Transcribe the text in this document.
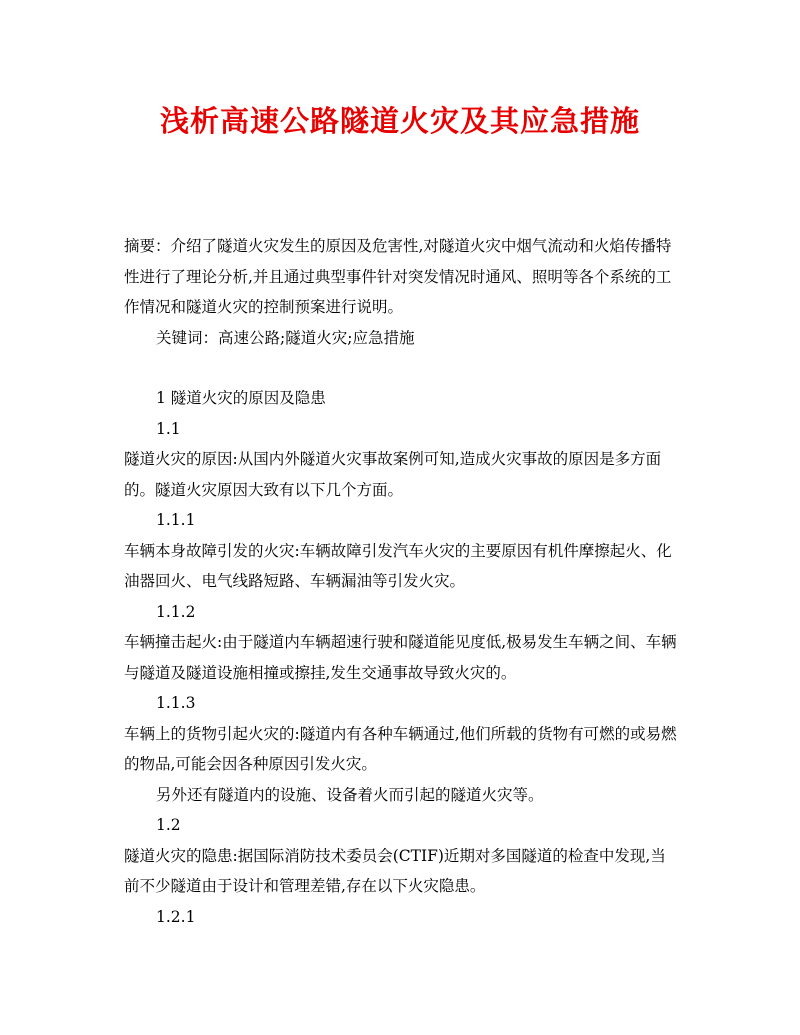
浅析高速公路隧道火灾及其应急措施

摘要：介绍了隧道火灾发生的原因及危害性,对隧道火灾中烟气流动和火焰传播特性进行了理论分析,并且通过典型事件针对突发情况时通风、照明等各个系统的工作情况和隧道火灾的控制预案进行说明。

关键词：高速公路;隧道火灾;应急措施

1 隧道火灾的原因及隐患

1.1

隧道火灾的原因:从国内外隧道火灾事故案例可知,造成火灾事故的原因是多方面的。隧道火灾原因大致有以下几个方面。

1.1.1

车辆本身故障引发的火灾:车辆故障引发汽车火灾的主要原因有机件摩擦起火、化油器回火、电气线路短路、车辆漏油等引发火灾。

1.1.2

车辆撞击起火:由于隧道内车辆超速行驶和隧道能见度低,极易发生车辆之间、车辆与隧道及隧道设施相撞或擦挂,发生交通事故导致火灾的。

1.1.3

车辆上的货物引起火灾的:隧道内有各种车辆通过,他们所载的货物有可燃的或易燃的物品,可能会因各种原因引发火灾。

另外还有隧道内的设施、设备着火而引起的隧道火灾等。

1.2

隧道火灾的隐患:据国际消防技术委员会(CTIF)近期对多国隧道的检查中发现,当前不少隧道由于设计和管理差错,存在以下火灾隐患。

1.2.1
